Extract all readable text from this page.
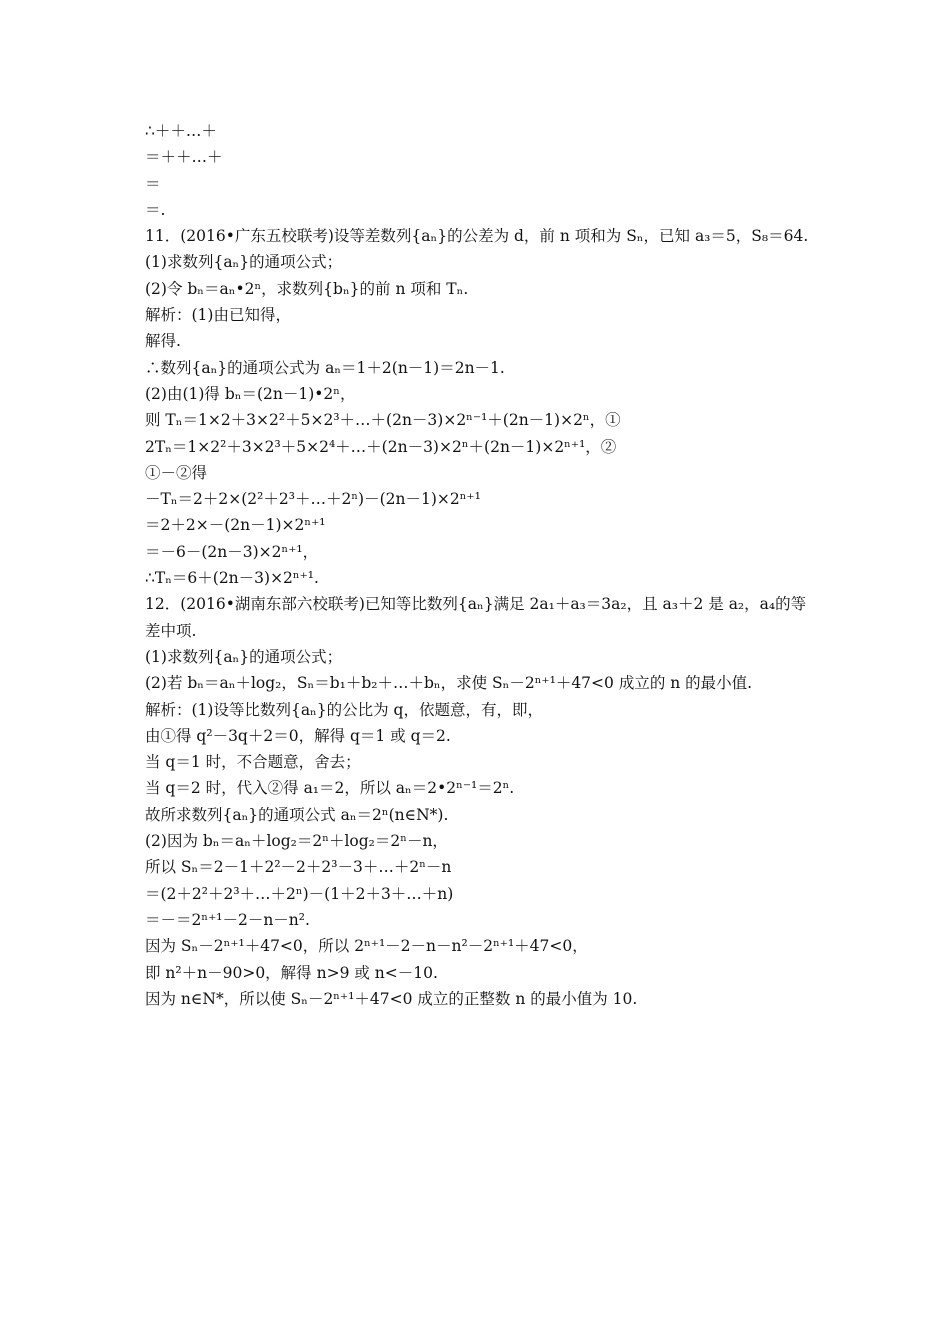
∴＋＋…＋
＝＋＋…＋
＝
＝.
11．(2016•广东五校联考)设等差数列{aₙ}的公差为 d，前 n 项和为 Sₙ，已知 a₃＝5，S₈＝64.
(1)求数列{aₙ}的通项公式；
(2)令 bₙ＝aₙ•2ⁿ，求数列{bₙ}的前 n 项和 Tₙ.
解析：(1)由已知得，
解得.
∴数列{aₙ}的通项公式为 aₙ＝1＋2(n－1)＝2n－1.
(2)由(1)得 bₙ＝(2n－1)•2ⁿ，
则 Tₙ＝1×2＋3×2²＋5×2³＋…＋(2n－3)×2ⁿ⁻¹＋(2n－1)×2ⁿ，①
2Tₙ＝1×2²＋3×2³＋5×2⁴＋…＋(2n－3)×2ⁿ＋(2n－1)×2ⁿ⁺¹，②
①－②得
－Tₙ＝2＋2×(2²＋2³＋…＋2ⁿ)－(2n－1)×2ⁿ⁺¹
＝2＋2×－(2n－1)×2ⁿ⁺¹
＝－6－(2n－3)×2ⁿ⁺¹，
∴Tₙ＝6＋(2n－3)×2ⁿ⁺¹.
12．(2016•湖南东部六校联考)已知等比数列{aₙ}满足 2a₁＋a₃＝3a₂，且 a₃＋2 是 a₂，a₄的等差中项.
(1)求数列{aₙ}的通项公式；
(2)若 bₙ＝aₙ＋log₂，Sₙ＝b₁＋b₂＋…＋bₙ，求使 Sₙ－2ⁿ⁺¹＋47<0 成立的 n 的最小值.
解析：(1)设等比数列{aₙ}的公比为 q，依题意，有，即，
由①得 q²－3q＋2＝0，解得 q＝1 或 q＝2.
当 q＝1 时，不合题意，舍去；
当 q＝2 时，代入②得 a₁＝2，所以 aₙ＝2•2ⁿ⁻¹＝2ⁿ.
故所求数列{aₙ}的通项公式 aₙ＝2ⁿ(n∈N*).
(2)因为 bₙ＝aₙ＋log₂＝2ⁿ＋log₂＝2ⁿ－n，
所以 Sₙ＝2－1＋2²－2＋2³－3＋…＋2ⁿ－n
＝(2＋2²＋2³＋…＋2ⁿ)－(1＋2＋3＋…＋n)
＝－＝2ⁿ⁺¹－2－n－n².
因为 Sₙ－2ⁿ⁺¹＋47<0，所以 2ⁿ⁺¹－2－n－n²－2ⁿ⁺¹＋47<0，
即 n²＋n－90>0，解得 n>9 或 n<－10.
因为 n∈N*，所以使 Sₙ－2ⁿ⁺¹＋47<0 成立的正整数 n 的最小值为 10.
